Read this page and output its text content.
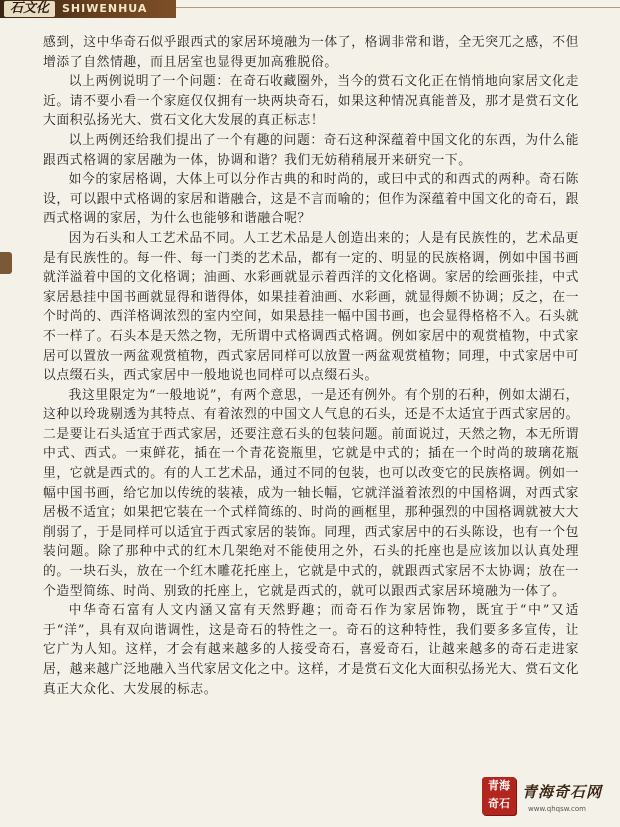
石文化	SHIWENHUA

感到，这中华奇石似乎跟西式的家居环境融为一体了，格调非常和谐，全无突兀之感，不但增添了自然情趣，而且居室也显得更加高雅脱俗。

以上两例说明了一个问题：在奇石收藏圈外，当今的赏石文化正在悄悄地向家居文化走近。请不要小看一个家庭仅仅拥有一块两块奇石，如果这种情况真能普及，那才是赏石文化大面积弘扬光大、赏石文化大发展的真正标志！

以上两例还给我们提出了一个有趣的问题：奇石这种深蕴着中国文化的东西，为什么能跟西式格调的家居融为一体，协调和谐？我们无妨稍稍展开来研究一下。

如今的家居格调，大体上可以分作古典的和时尚的，或曰中式的和西式的两种。奇石陈设，可以跟中式格调的家居和谐融合，这是不言而喻的；但作为深蕴着中国文化的奇石，跟西式格调的家居，为什么也能够和谐融合呢？

因为石头和人工艺术品不同。人工艺术品是人创造出来的；人是有民族性的，艺术品更是有民族性的。每一件、每一门类的艺术品，都有一定的、明显的民族格调，例如中国书画就洋溢着中国的文化格调；油画、水彩画就显示着西洋的文化格调。家居的绘画张挂，中式家居悬挂中国书画就显得和谐得体，如果挂着油画、水彩画，就显得颇不协调；反之，在一个时尚的、西洋格调浓烈的室内空间，如果悬挂一幅中国书画，也会显得格格不入。石头就不一样了。石头本是天然之物，无所谓中式格调西式格调。例如家居中的观赏植物，中式家居可以置放一两盆观赏植物，西式家居同样可以放置一两盆观赏植物；同理，中式家居中可以点缀石头，西式家居中一般地说也同样可以点缀石头。

我这里限定为“一般地说”，有两个意思，一是还有例外。有个别的石种，例如太湖石，这种以玲珑剔透为其特点、有着浓烈的中国文人气息的石头，还是不太适宜于西式家居的。二是要让石头适宜于西式家居，还要注意石头的包装问题。前面说过，天然之物，本无所谓中式、西式。一束鲜花，插在一个青花瓷瓶里，它就是中式的；插在一个时尚的玻璃花瓶里，它就是西式的。有的人工艺术品，通过不同的包装，也可以改变它的民族格调。例如一幅中国书画，给它加以传统的装裱，成为一轴长幅，它就洋溢着浓烈的中国格调，对西式家居极不适宜；如果把它装在一个式样简练的、时尚的画框里，那种强烈的中国格调就被大大削弱了，于是同样可以适宜于西式家居的装饰。同理，西式家居中的石头陈设，也有一个包装问题。除了那种中式的红木几架绝对不能使用之外，石头的托座也是应该加以认真处理的。一块石头，放在一个红木雕花托座上，它就是中式的，就跟西式家居不太协调；放在一个造型简练、时尚、别致的托座上，它就是西式的，就可以跟西式家居环境融为一体了。

中华奇石富有人文内涵又富有天然野趣；而奇石作为家居饰物，既宜于“中”又适于“洋”，具有双向谐调性，这是奇石的特性之一。奇石的这种特性，我们要多多宣传，让它广为人知。这样，才会有越来越多的人接受奇石，喜爱奇石，让越来越多的奇石走进家居，越来越广泛地融入当代家居文化之中。这样，才是赏石文化大面积弘扬光大、赏石文化真正大众化、大发展的标志。

青海
奇石
青海奇石网
www.qhqsw.com
